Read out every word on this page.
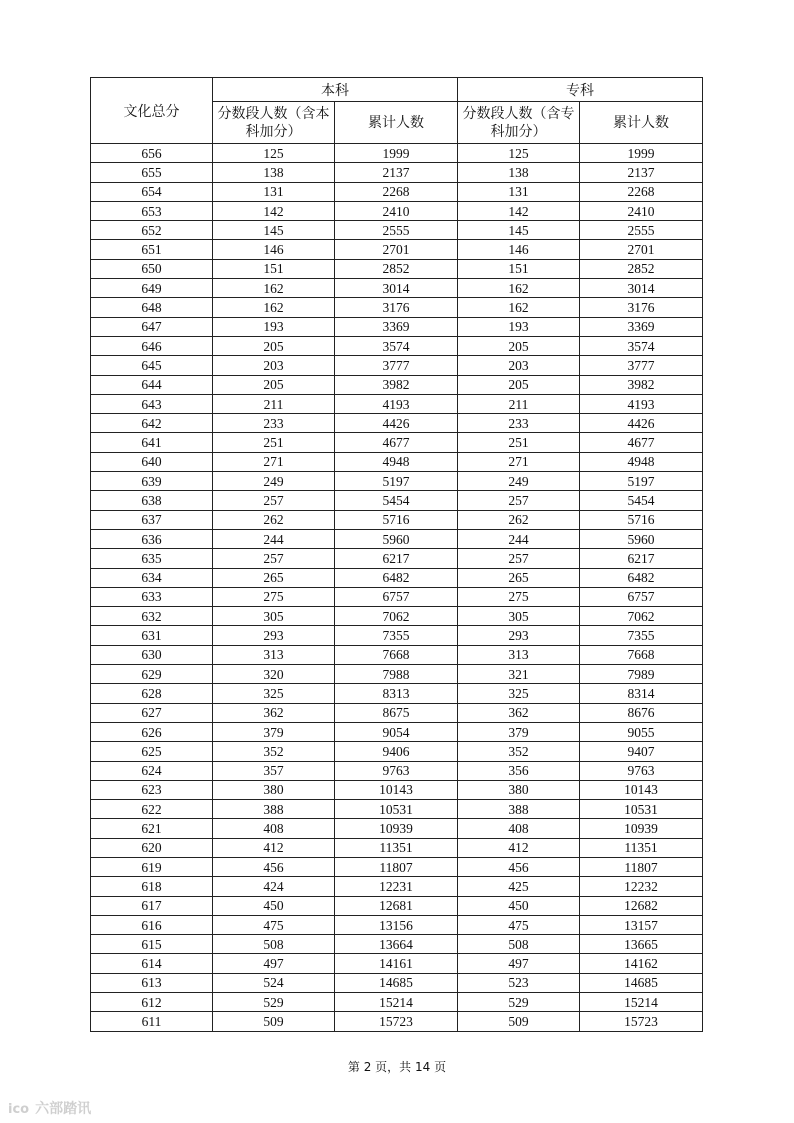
文化总分	本科		专科	
	分数段人数（含本科加分）	累计人数	分数段人数（含专科加分）	累计人数
656	125	1999	125	1999
655	138	2137	138	2137
654	131	2268	131	2268
653	142	2410	142	2410
652	145	2555	145	2555
651	146	2701	146	2701
650	151	2852	151	2852
649	162	3014	162	3014
648	162	3176	162	3176
647	193	3369	193	3369
646	205	3574	205	3574
645	203	3777	203	3777
644	205	3982	205	3982
643	211	4193	211	4193
642	233	4426	233	4426
641	251	4677	251	4677
640	271	4948	271	4948
639	249	5197	249	5197
638	257	5454	257	5454
637	262	5716	262	5716
636	244	5960	244	5960
635	257	6217	257	6217
634	265	6482	265	6482
633	275	6757	275	6757
632	305	7062	305	7062
631	293	7355	293	7355
630	313	7668	313	7668
629	320	7988	321	7989
628	325	8313	325	8314
627	362	8675	362	8676
626	379	9054	379	9055
625	352	9406	352	9407
624	357	9763	356	9763
623	380	10143	380	10143
622	388	10531	388	10531
621	408	10939	408	10939
620	412	11351	412	11351
619	456	11807	456	11807
618	424	12231	425	12232
617	450	12681	450	12682
616	475	13156	475	13157
615	508	13664	508	13665
614	497	14161	497	14162
613	524	14685	523	14685
612	529	15214	529	15214
611	509	15723	509	15723
第 2 页，共 14 页
ico 六部踏讯
